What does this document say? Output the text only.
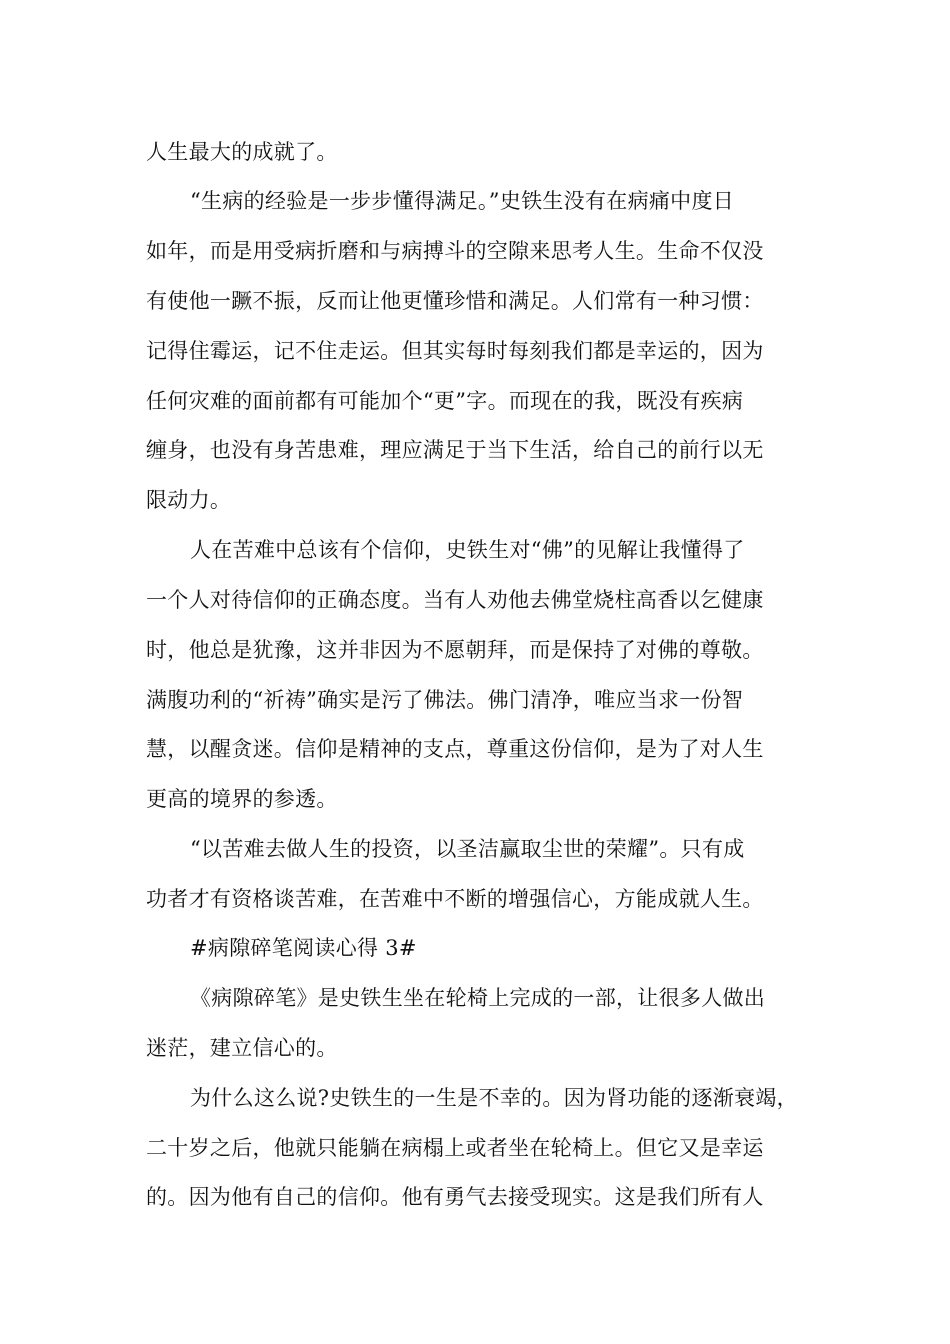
人生最大的成就了。

“生病的经验是一步步懂得满足。”史铁生没有在病痛中度日

如年，而是用受病折磨和与病搏斗的空隙来思考人生。生命不仅没

有使他一蹶不振，反而让他更懂珍惜和满足。人们常有一种习惯：

记得住霉运，记不住走运。但其实每时每刻我们都是幸运的，因为

任何灾难的面前都有可能加个“更”字。而现在的我，既没有疾病

缠身，也没有身苦患难，理应满足于当下生活，给自己的前行以无

限动力。

人在苦难中总该有个信仰，史铁生对“佛”的见解让我懂得了

一个人对待信仰的正确态度。当有人劝他去佛堂烧柱高香以乞健康

时，他总是犹豫，这并非因为不愿朝拜，而是保持了对佛的尊敬。

满腹功利的“祈祷”确实是污了佛法。佛门清净，唯应当求一份智

慧，以醒贪迷。信仰是精神的支点，尊重这份信仰，是为了对人生

更高的境界的参透。

“以苦难去做人生的投资，以圣洁赢取尘世的荣耀”。只有成

功者才有资格谈苦难，在苦难中不断的增强信心，方能成就人生。

#病隙碎笔阅读心得 3#

《病隙碎笔》是史铁生坐在轮椅上完成的一部，让很多人做出

迷茫，建立信心的。

为什么这么说?史铁生的一生是不幸的。因为肾功能的逐渐衰竭，

二十岁之后，他就只能躺在病榻上或者坐在轮椅上。但它又是幸运

的。因为他有自己的信仰。他有勇气去接受现实。这是我们所有人
